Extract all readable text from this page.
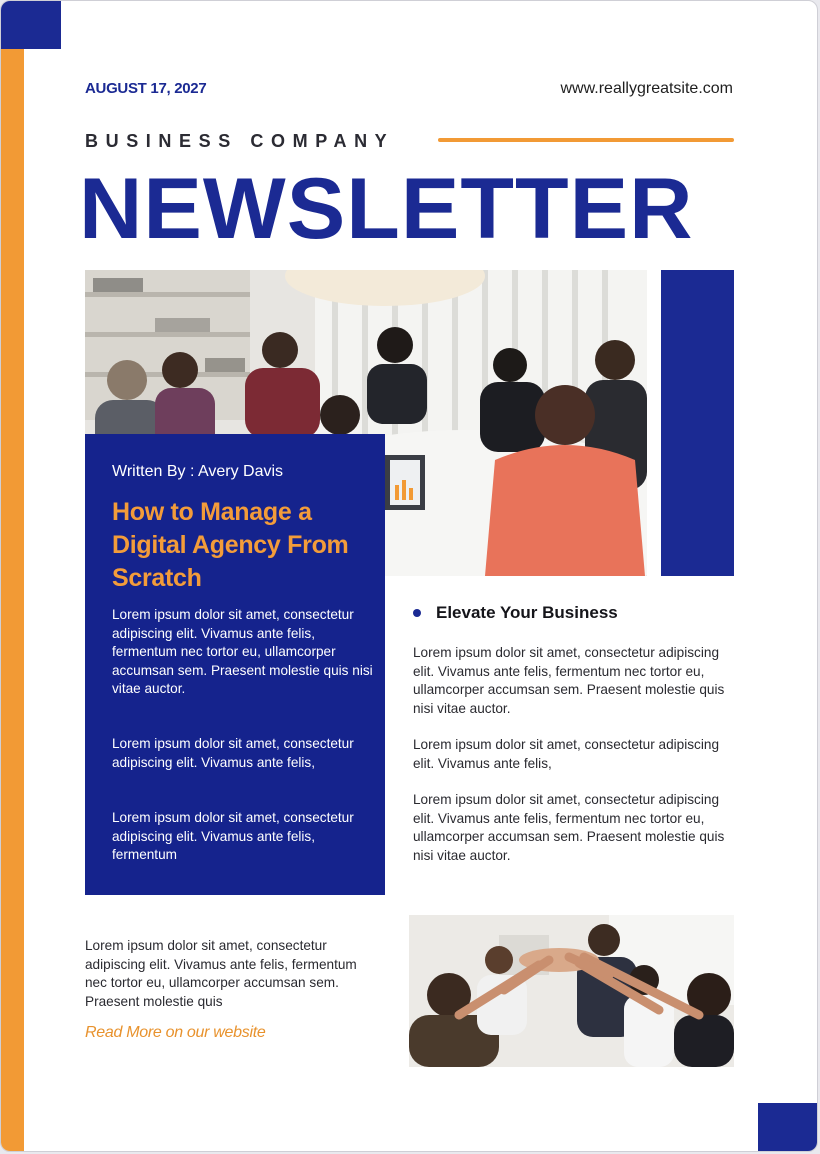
AUGUST 17, 2027	www.reallygreatsite.com
BUSINESS COMPANY
NEWSLETTER
Written By : Avery Davis
How to Manage a Digital Agency From Scratch
Lorem ipsum dolor sit amet, consectetur adipiscing elit. Vivamus ante felis, fermentum nec tortor eu, ullamcorper accumsan sem. Praesent molestie quis nisi vitae auctor.
Lorem ipsum dolor sit amet, consectetur adipiscing elit. Vivamus ante felis,
Lorem ipsum dolor sit amet, consectetur adipiscing elit. Vivamus ante felis, fermentum
Elevate Your Business
Lorem ipsum dolor sit amet, consectetur adipiscing elit. Vivamus ante felis, fermentum nec tortor eu, ullamcorper accumsan sem. Praesent molestie quis nisi vitae auctor.
Lorem ipsum dolor sit amet, consectetur adipiscing elit. Vivamus ante felis,
Lorem ipsum dolor sit amet, consectetur adipiscing elit. Vivamus ante felis, fermentum nec tortor eu, ullamcorper accumsan sem. Praesent molestie quis nisi vitae auctor.
Lorem ipsum dolor sit amet, consectetur adipiscing elit. Vivamus ante felis, fermentum nec tortor eu, ullamcorper accumsan sem. Praesent molestie quis
Read More on our website
